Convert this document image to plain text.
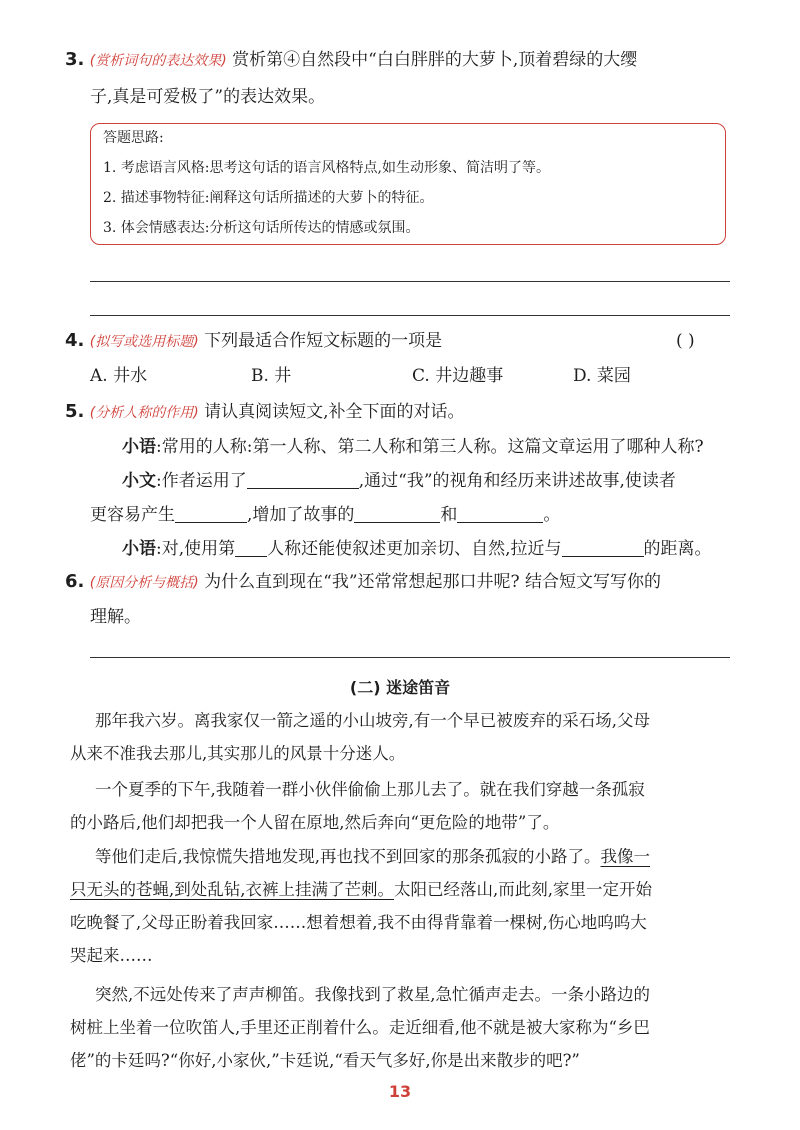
3. (赏析词句的表达效果) 赏析第④自然段中“白白胖胖的大萝卜,顶着碧绿的大缨
子,真是可爱极了”的表达效果。
答题思路:
1. 考虑语言风格:思考这句话的语言风格特点,如生动形象、简洁明了等。
2. 描述事物特征:阐释这句话所描述的大萝卜的特征。
3. 体会情感表达:分析这句话所传达的情感或氛围。
4. (拟写或选用标题) 下列最适合作短文标题的一项是	( )
A. 井水	B. 井	C. 井边趣事	D. 菜园
5. (分析人称的作用) 请认真阅读短文,补全下面的对话。
小语:常用的人称:第一人称、第二人称和第三人称。这篇文章运用了哪种人称?
小文:作者运用了	,通过“我”的视角和经历来讲述故事,使读者
更容易产生	,增加了故事的	和	。
小语:对,使用第 人称还能使叙述更加亲切、自然,拉近与	的距离。
6. (原因分析与概括) 为什么直到现在“我”还常常想起那口井呢? 结合短文写写你的
理解。
(二) 迷途笛音
那年我六岁。离我家仅一箭之遥的小山坡旁,有一个早已被废弃的采石场,父母
从来不准我去那儿,其实那儿的风景十分迷人。
一个夏季的下午,我随着一群小伙伴偷偷上那儿去了。就在我们穿越一条孤寂
的小路后,他们却把我一个人留在原地,然后奔向“更危险的地带”了。
等他们走后,我惊慌失措地发现,再也找不到回家的那条孤寂的小路了。我像一
只无头的苍蝇,到处乱钻,衣裤上挂满了芒刺。太阳已经落山,而此刻,家里一定开始
吃晚餐了,父母正盼着我回家……想着想着,我不由得背靠着一棵树,伤心地呜呜大
哭起来……
突然,不远处传来了声声柳笛。我像找到了救星,急忙循声走去。一条小路边的
树桩上坐着一位吹笛人,手里还正削着什么。走近细看,他不就是被大家称为“乡巴
佬”的卡廷吗?“你好,小家伙,”卡廷说,“看天气多好,你是出来散步的吧?”
13
